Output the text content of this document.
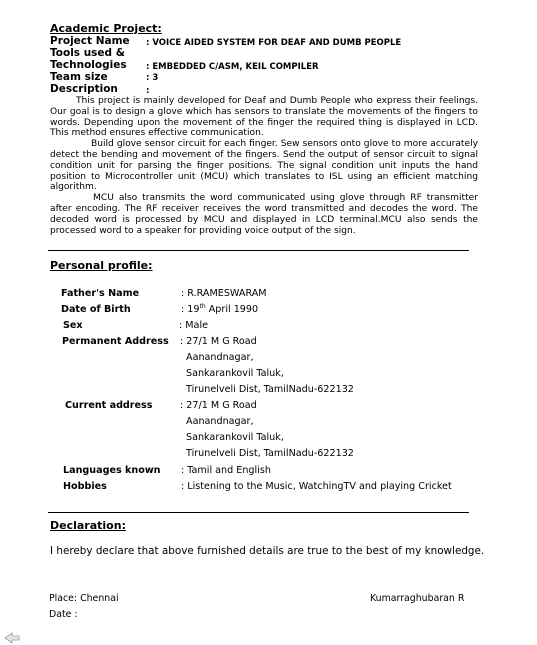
Academic Project:
Project Name : VOICE AIDED SYSTEM FOR DEAF AND DUMB PEOPLE
Tools used &
Technologies : EMBEDDED C/ASM, KEIL COMPILER
Team size	: 3
Description	:

This project is mainly developed for Deaf and Dumb People who express their feelings. Our goal is to design a glove which has sensors to translate the movements of the fingers to words. Depending upon the movement of the finger the required thing is displayed in LCD. This method ensures effective communication.

Build glove sensor circuit for each finger. Sew sensors onto glove to more accurately detect the bending and movement of the fingers. Send the output of sensor circuit to signal condition unit for parsing the finger positions. The signal condition unit inputs the hand position to Microcontroller unit (MCU) which translates to ISL using an efficient matching algorithm.

MCU also transmits the word communicated using glove through RF transmitter after encoding. The RF receiver receives the word transmitted and decodes the word. The decoded word is processed by MCU and displayed in LCD terminal.MCU also sends the processed word to a speaker for providing voice output of the sign.

Personal profile:
Father's Name	: R.RAMESWARAM
Date of Birth	: 19th April 1990
Sex	: Male
Permanent Address : 27/1 M G Road
Aanandnagar,
Sankarankovil Taluk,
Tirunelveli Dist, TamilNadu-622132
Current address	: 27/1 M G Road
Aanandnagar,
Sankarankovil Taluk,
Tirunelveli Dist, TamilNadu-622132
Languages known : Tamil and English
Hobbies	: Listening to the Music, WatchingTV and playing Cricket
Declaration:
I hereby declare that above furnished details are true to the best of my knowledge.
Place: Chennai
Date :
Kumarraghubaran R
